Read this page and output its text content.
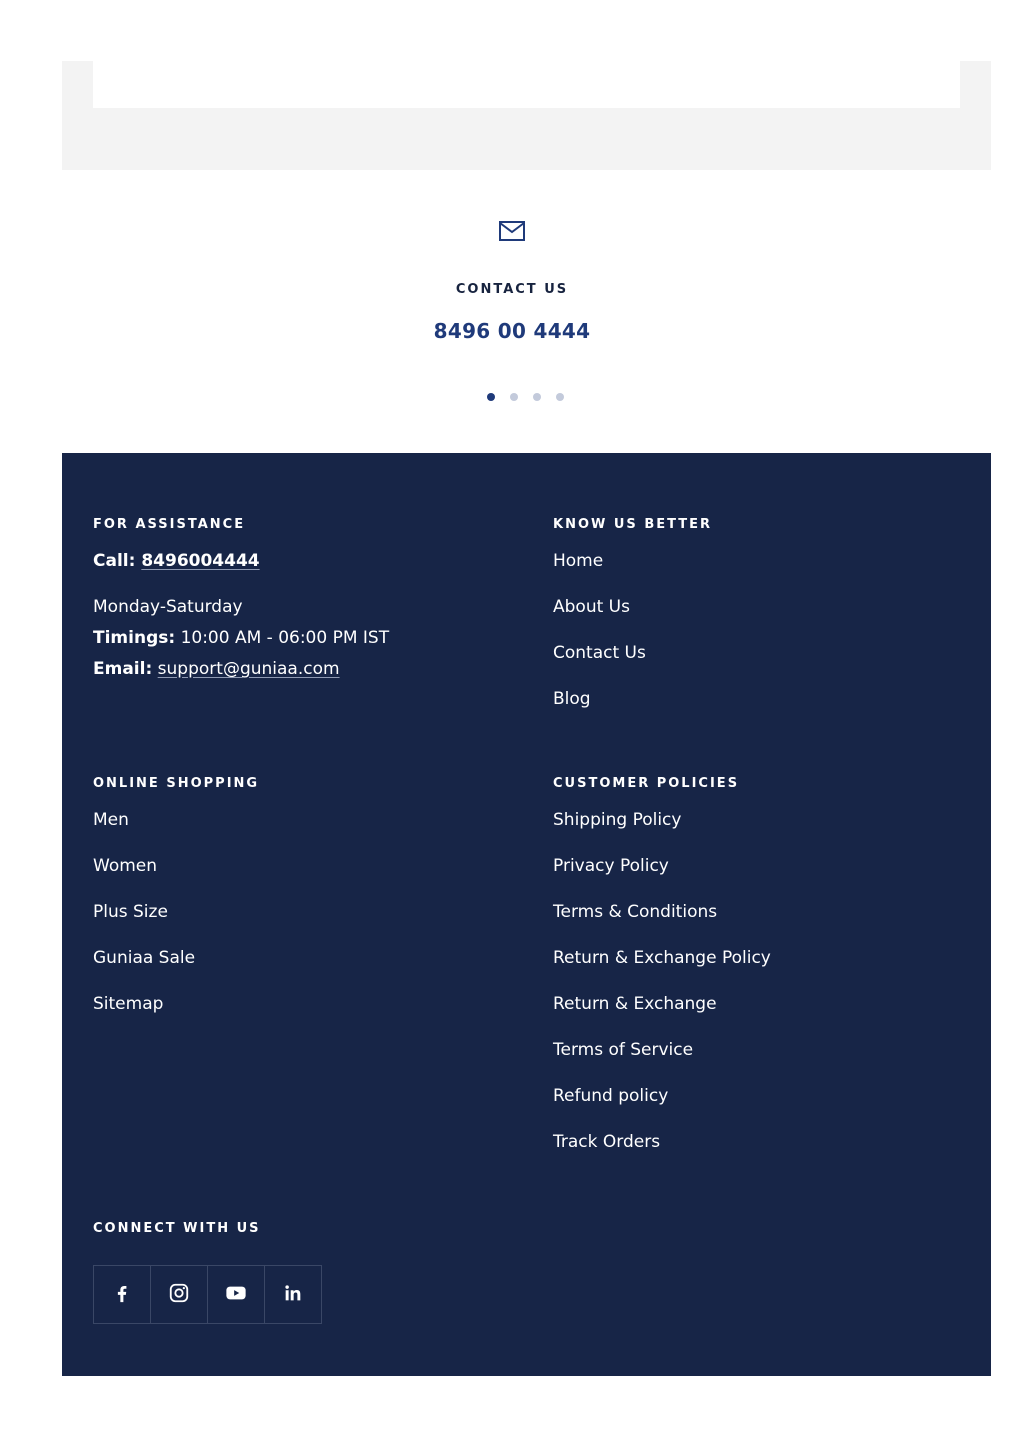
CONTACT US
8496 00 4444
FOR ASSISTANCE
Call: 8496004444
Monday-Saturday
Timings: 10:00 AM - 06:00 PM IST
Email: support@guniaa.com
KNOW US BETTER
Home
About Us
Contact Us
Blog
ONLINE SHOPPING
Men
Women
Plus Size
Guniaa Sale
Sitemap
CUSTOMER POLICIES
Shipping Policy
Privacy Policy
Terms & Conditions
Return & Exchange Policy
Return & Exchange
Terms of Service
Refund policy
Track Orders
CONNECT WITH US
